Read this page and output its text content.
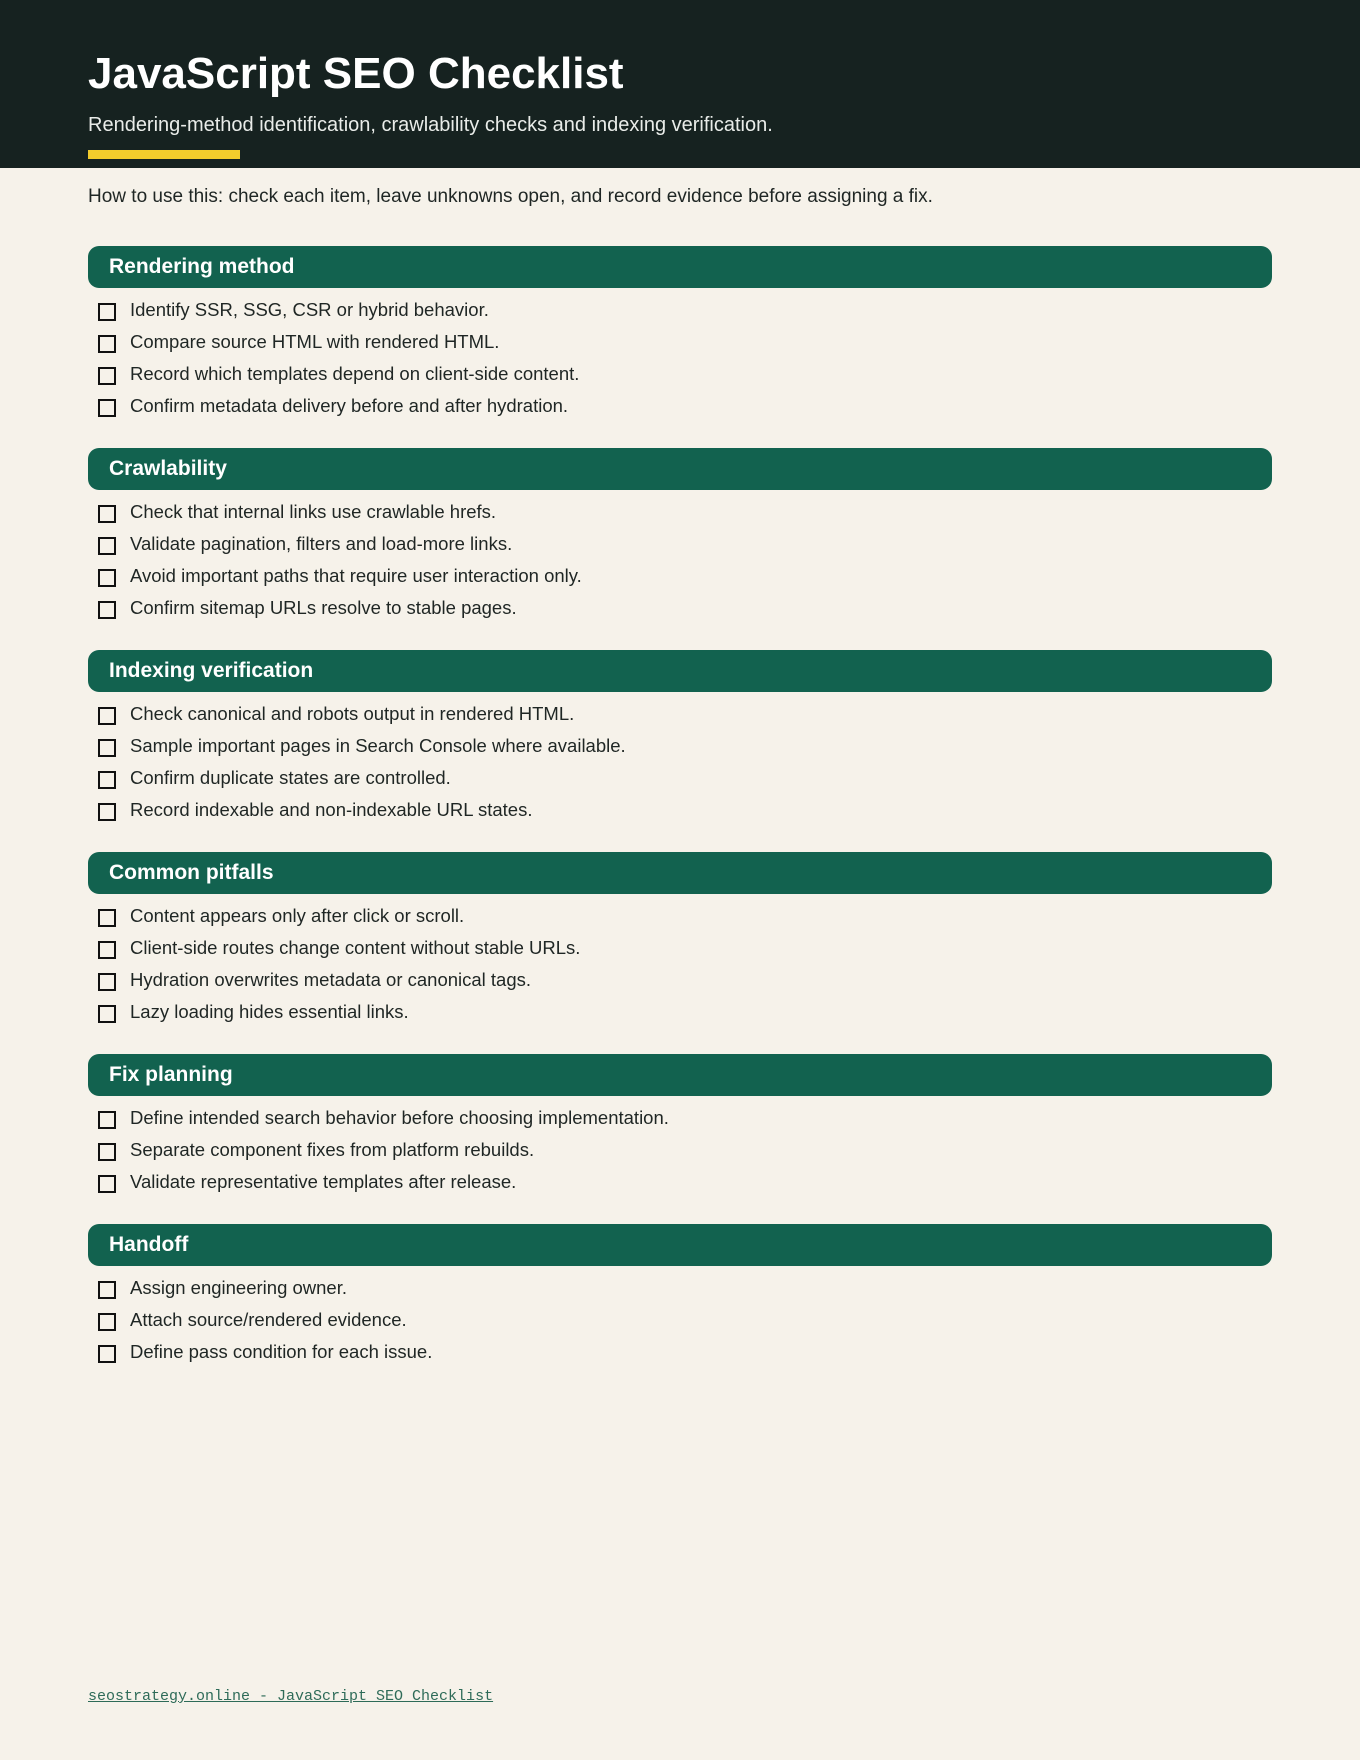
JavaScript SEO Checklist

Rendering-method identification, crawlability checks and indexing verification.

How to use this: check each item, leave unknowns open, and record evidence before assigning a fix.

Rendering method
Identify SSR, SSG, CSR or hybrid behavior.
Compare source HTML with rendered HTML.
Record which templates depend on client-side content.
Confirm metadata delivery before and after hydration.
Crawlability
Check that internal links use crawlable hrefs.
Validate pagination, filters and load-more links.
Avoid important paths that require user interaction only.
Confirm sitemap URLs resolve to stable pages.
Indexing verification
Check canonical and robots output in rendered HTML.
Sample important pages in Search Console where available.
Confirm duplicate states are controlled.
Record indexable and non-indexable URL states.
Common pitfalls
Content appears only after click or scroll.
Client-side routes change content without stable URLs.
Hydration overwrites metadata or canonical tags.
Lazy loading hides essential links.
Fix planning
Define intended search behavior before choosing implementation.
Separate component fixes from platform rebuilds.
Validate representative templates after release.
Handoff
Assign engineering owner.
Attach source/rendered evidence.
Define pass condition for each issue.
seostrategy.online - JavaScript SEO Checklist
